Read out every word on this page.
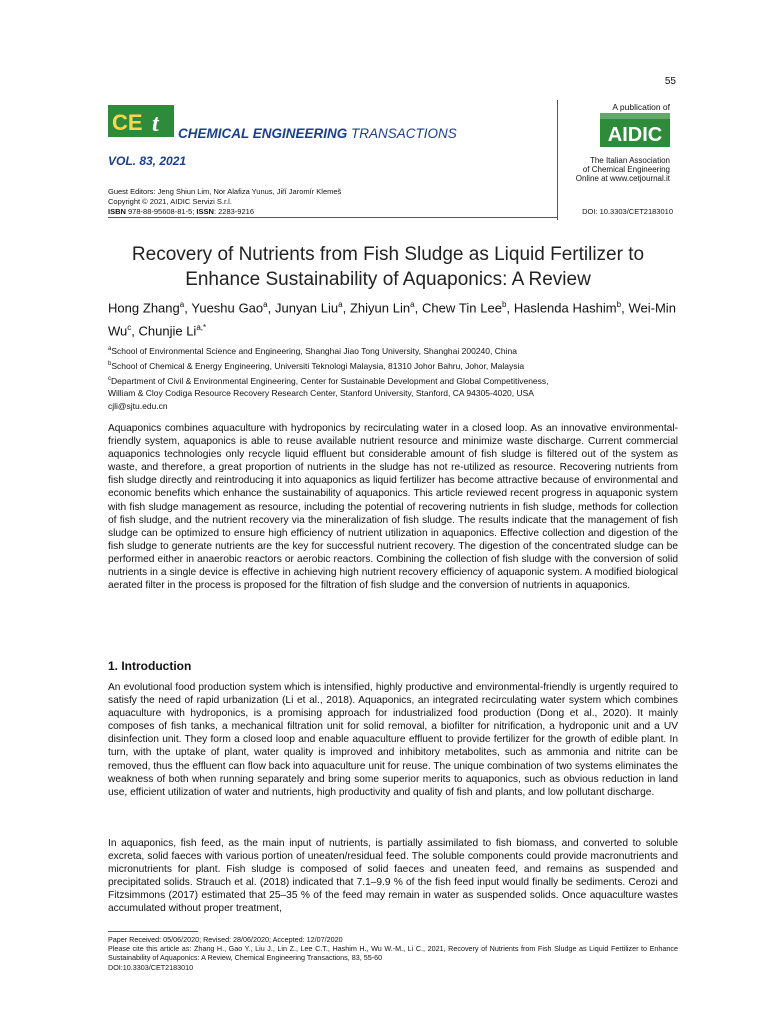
55
CE t CHEMICAL ENGINEERING TRANSACTIONS
VOL. 83, 2021
A publication of
AIDIC
The Italian Association
of Chemical Engineering
Online at www.cetjournal.it
Guest Editors: Jeng Shiun Lim, Nor Alafiza Yunus, Jiří Jaromír Klemeš
Copyright © 2021, AIDIC Servizi S.r.l.
ISBN 978-88-95608-81-5; ISSN: 2283-9216	DOI: 10.3303/CET2183010
Recovery of Nutrients from Fish Sludge as Liquid Fertilizer to
Enhance Sustainability of Aquaponics: A Review
Hong Zhang$^a$, Yueshu Gao$^a$, Junyan Liu$^a$, Zhiyun Lin$^a$, Chew Tin Lee$^b$, Haslenda Hashim$^b$, Wei-Min Wu$^c$, Chunjie $Li^{a,*}$
$^a$School of Environmental Science and Engineering, Shanghai Jiao Tong University, Shanghai 200240, China
$^b$School of Chemical & Energy Engineering, Universiti Teknologi Malaysia, 81310 Johor Bahru, Johor, Malaysia
$^c$Department of Civil & Environmental Engineering, Center for Sustainable Development and Global Competitiveness,
William & Cloy Codiga Resource Recovery Research Center, Stanford University, Stanford, CA 94305-4020, USA
cjli@sjtu.edu.cn
Aquaponics combines aquaculture with hydroponics by recirculating water in a closed loop. As an innovative environmental-friendly system, aquaponics is able to reuse available nutrient resource and minimize waste discharge. Current commercial aquaponics technologies only recycle liquid effluent but considerable amount of fish sludge is filtered out of the system as waste, and therefore, a great proportion of nutrients in the sludge has not re-utilized as resource. Recovering nutrients from fish sludge directly and reintroducing it into aquaponics as liquid fertilizer has become attractive because of environmental and economic benefits which enhance the sustainability of aquaponics. This article reviewed recent progress in aquaponic system with fish sludge management as resource, including the potential of recovering nutrients in fish sludge, methods for collection of fish sludge, and the nutrient recovery via the mineralization of fish sludge. The results indicate that the management of fish sludge can be optimized to ensure high efficiency of nutrient utilization in aquaponics. Effective collection and digestion of the fish sludge to generate nutrients are the key for successful nutrient recovery. The digestion of the concentrated sludge can be performed either in anaerobic reactors or aerobic reactors. Combining the collection of fish sludge with the conversion of solid nutrients in a single device is effective in achieving high nutrient recovery efficiency of aquaponic system. A modified biological aerated filter in the process is proposed for the filtration of fish sludge and the conversion of nutrients in aquaponics.
1. Introduction
An evolutional food production system which is intensified, highly productive and environmental-friendly is urgently required to satisfy the need of rapid urbanization (Li et al., 2018). Aquaponics, an integrated recirculating water system which combines aquaculture with hydroponics, is a promising approach for industrialized food production (Dong et al., 2020). It mainly composes of fish tanks, a mechanical filtration unit for solid removal, a biofilter for nitrification, a hydroponic unit and a UV disinfection unit. They form a closed loop and enable aquaculture effluent to provide fertilizer for the growth of edible plant. In turn, with the uptake of plant, water quality is improved and inhibitory metabolites, such as ammonia and nitrite can be removed, thus the effluent can flow back into aquaculture unit for reuse. The unique combination of two systems eliminates the weakness of both when running separately and bring some superior merits to aquaponics, such as obvious reduction in land use, efficient utilization of water and nutrients, high productivity and quality of fish and plants, and low pollutant discharge.
In aquaponics, fish feed, as the main input of nutrients, is partially assimilated to fish biomass, and converted to soluble excreta, solid faeces with various portion of uneaten/residual feed. The soluble components could provide macronutrients and micronutrients for plant. Fish sludge is composed of solid faeces and uneaten feed, and remains as suspended and precipitated solids. Strauch et al. (2018) indicated that 7.1–9.9 % of the fish feed input would finally be sediments. Cerozi and Fitzsimmons (2017) estimated that 25–35 % of the feed may remain in water as suspended solids. Once aquaculture wastes accumulated without proper treatment,
Paper Received: 05/06/2020; Revised: 28/06/2020; Accepted: 12/07/2020
Please cite this article as: Zhang H., Gao Y., Liu J., Lin Z., Lee C.T., Hashim H., Wu W.-M., Li C., 2021, Recovery of Nutrients from Fish Sludge as Liquid Fertilizer to Enhance Sustainability of Aquaponics: A Review, Chemical Engineering Transactions, 83, 55-60
DOI:10.3303/CET2183010
